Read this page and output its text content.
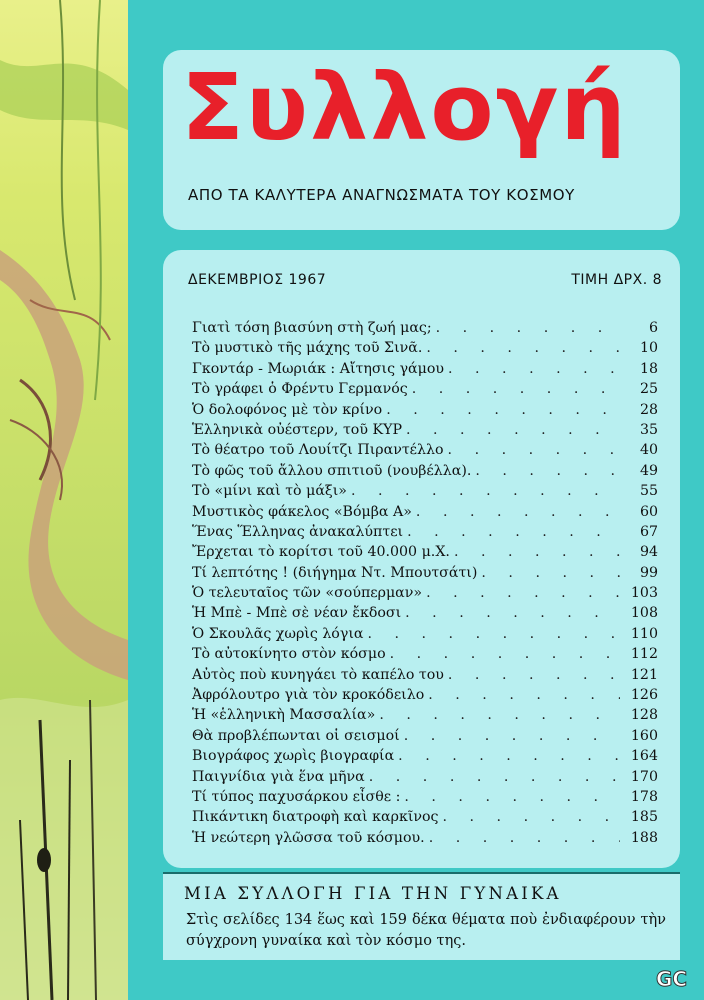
Συλλογή
ΑΠΟ ΤΑ ΚΑΛΥΤΕΡΑ ΑΝΑΓΝΩΣΜΑΤΑ ΤΟΥ ΚΟΣΜΟΥ
ΔΕΚΕΜΒΡΙΟΣ 1967	ΤΙΜΗ ΔΡΧ. 8
Γιατὶ τόση βιασύνη στὴ ζωή μας; . . .	6
Τὸ μυστικὸ τῆς μάχης τοῦ Σινᾶ. . . .	10
Γκοντάρ - Μωριάκ : Αἴτησις γάμου . . .	18
Τὸ γράφει ὁ Φρέντυ Γερμανός . . .	25
Ὁ δολοφόνος μὲ τὸν κρίνο . . .	28
Ἑλληνικὰ οὐέστερν, τοῦ ΚΥΡ . . .	35
Τὸ θέατρο τοῦ Λουίτζι Πιραντέλλο . . .	40
Τὸ φῶς τοῦ ἄλλου σπιτιοῦ (νουβέλλα). . . .	49
Τὸ «μίνι καὶ τὸ μάξι» . . .	55
Μυστικὸς φάκελος «Βόμβα Α» . . .	60
Ἕνας Ἕλληνας ἀνακαλύπτει . . .	67
Ἔρχεται τὸ κορίτσι τοῦ 40.000 μ.Χ. . . .	94
Τί λεπτότης ! (διήγημα Ντ. Μπουτσάτι) . . .	99
Ὁ τελευταῖος τῶν «σούπερμαν» . . .	103
Ἡ Μπὲ - Μπὲ σὲ νέαν ἔκδοσι . . .	108
Ὁ Σκουλᾶς χωρὶς λόγια . . .	110
Τὸ αὐτοκίνητο στὸν κόσμο . . .	112
Αὐτὸς ποὺ κυνηγάει τὸ καπέλο του . . .	121
Ἀφρόλουτρο γιὰ τὸν κροκόδειλο . . .	126
Ἡ «ἑλληνικὴ Μασσαλία» . . .	128
Θὰ προβλέπωνται οἱ σεισμοί . . .	160
Βιογράφος χωρὶς βιογραφία . . .	164
Παιγνίδια γιὰ ἕνα μῆνα . . .	170
Τί τύπος παχυσάρκου εἶσθε : . . .	178
Πικάντικη διατροφὴ καὶ καρκῖνος . . .	185
Ἡ νεώτερη γλῶσσα τοῦ κόσμου. . . .	188
ΜΙΑ ΣΥΛΛΟΓΗ ΓΙΑ ΤΗΝ ΓΥΝΑΙΚΑ
Στὶς σελίδες 134 ἕως καὶ 159 δέκα θέματα ποὺ ἐνδιαφέρουν τὴν σύγχρονη γυναίκα καὶ τὸν κόσμο της.
GC
